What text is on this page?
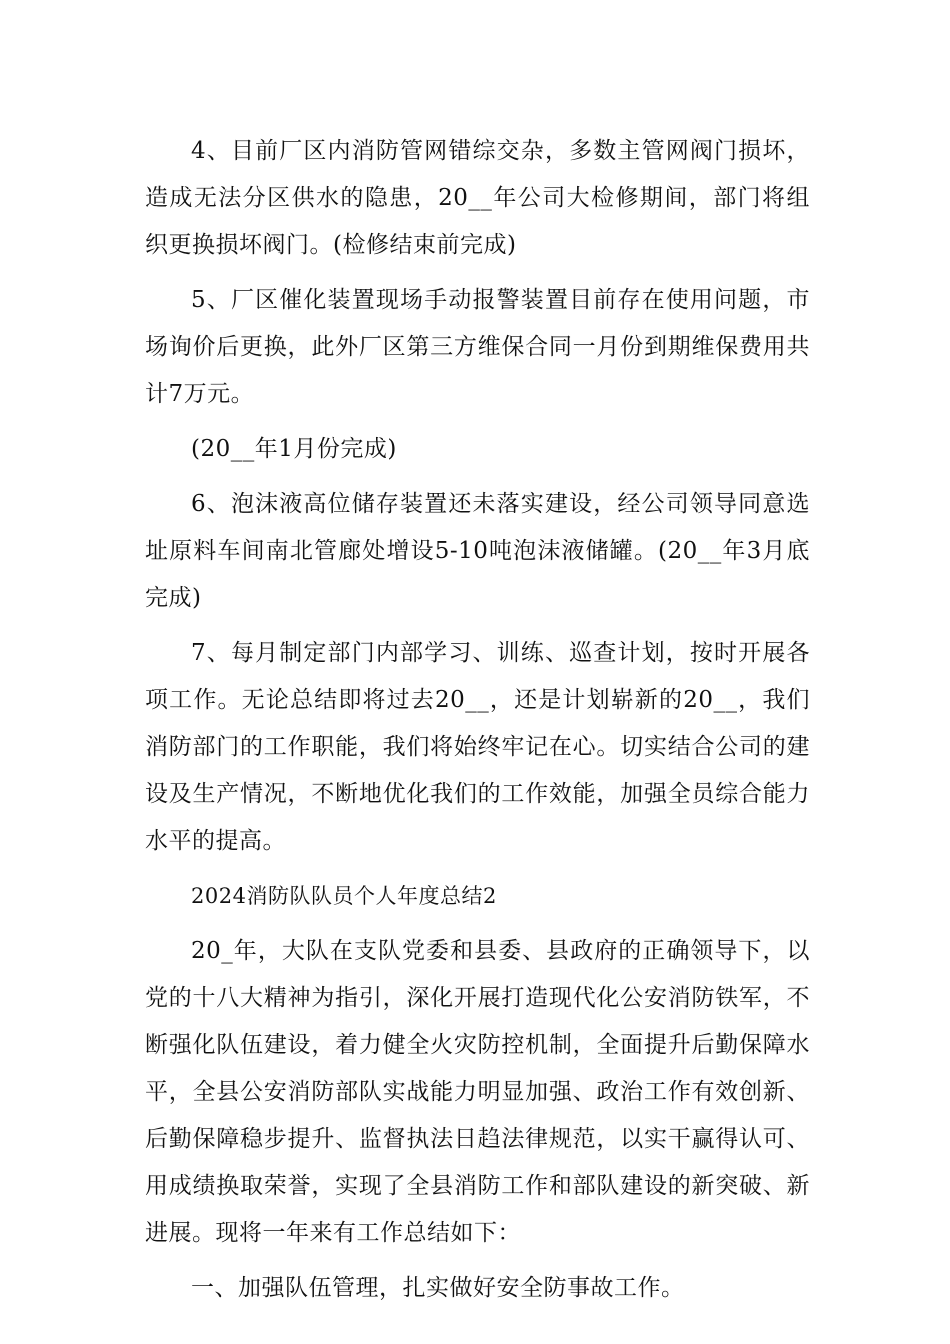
4、目前厂区内消防管网错综交杂，多数主管网阀门损坏，造成无法分区供水的隐患，20__年公司大检修期间，部门将组织更换损坏阀门。(检修结束前完成)

5、厂区催化装置现场手动报警装置目前存在使用问题，市场询价后更换，此外厂区第三方维保合同一月份到期维保费用共计7万元。

(20__年1月份完成)

6、泡沫液高位储存装置还未落实建设，经公司领导同意选址原料车间南北管廊处增设5-10吨泡沫液储罐。(20__年3月底完成)

7、每月制定部门内部学习、训练、巡查计划，按时开展各项工作。无论总结即将过去20__，还是计划崭新的20__，我们消防部门的工作职能，我们将始终牢记在心。切实结合公司的建设及生产情况，不断地优化我们的工作效能，加强全员综合能力水平的提高。

2024消防队队员个人年度总结2

20_年，大队在支队党委和县委、县政府的正确领导下，以党的十八大精神为指引，深化开展打造现代化公安消防铁军，不断强化队伍建设，着力健全火灾防控机制，全面提升后勤保障水平，全县公安消防部队实战能力明显加强、政治工作有效创新、后勤保障稳步提升、监督执法日趋法律规范，以实干赢得认可、用成绩换取荣誉，实现了全县消防工作和部队建设的新突破、新进展。现将一年来有工作总结如下：

一、加强队伍管理，扎实做好安全防事故工作。
